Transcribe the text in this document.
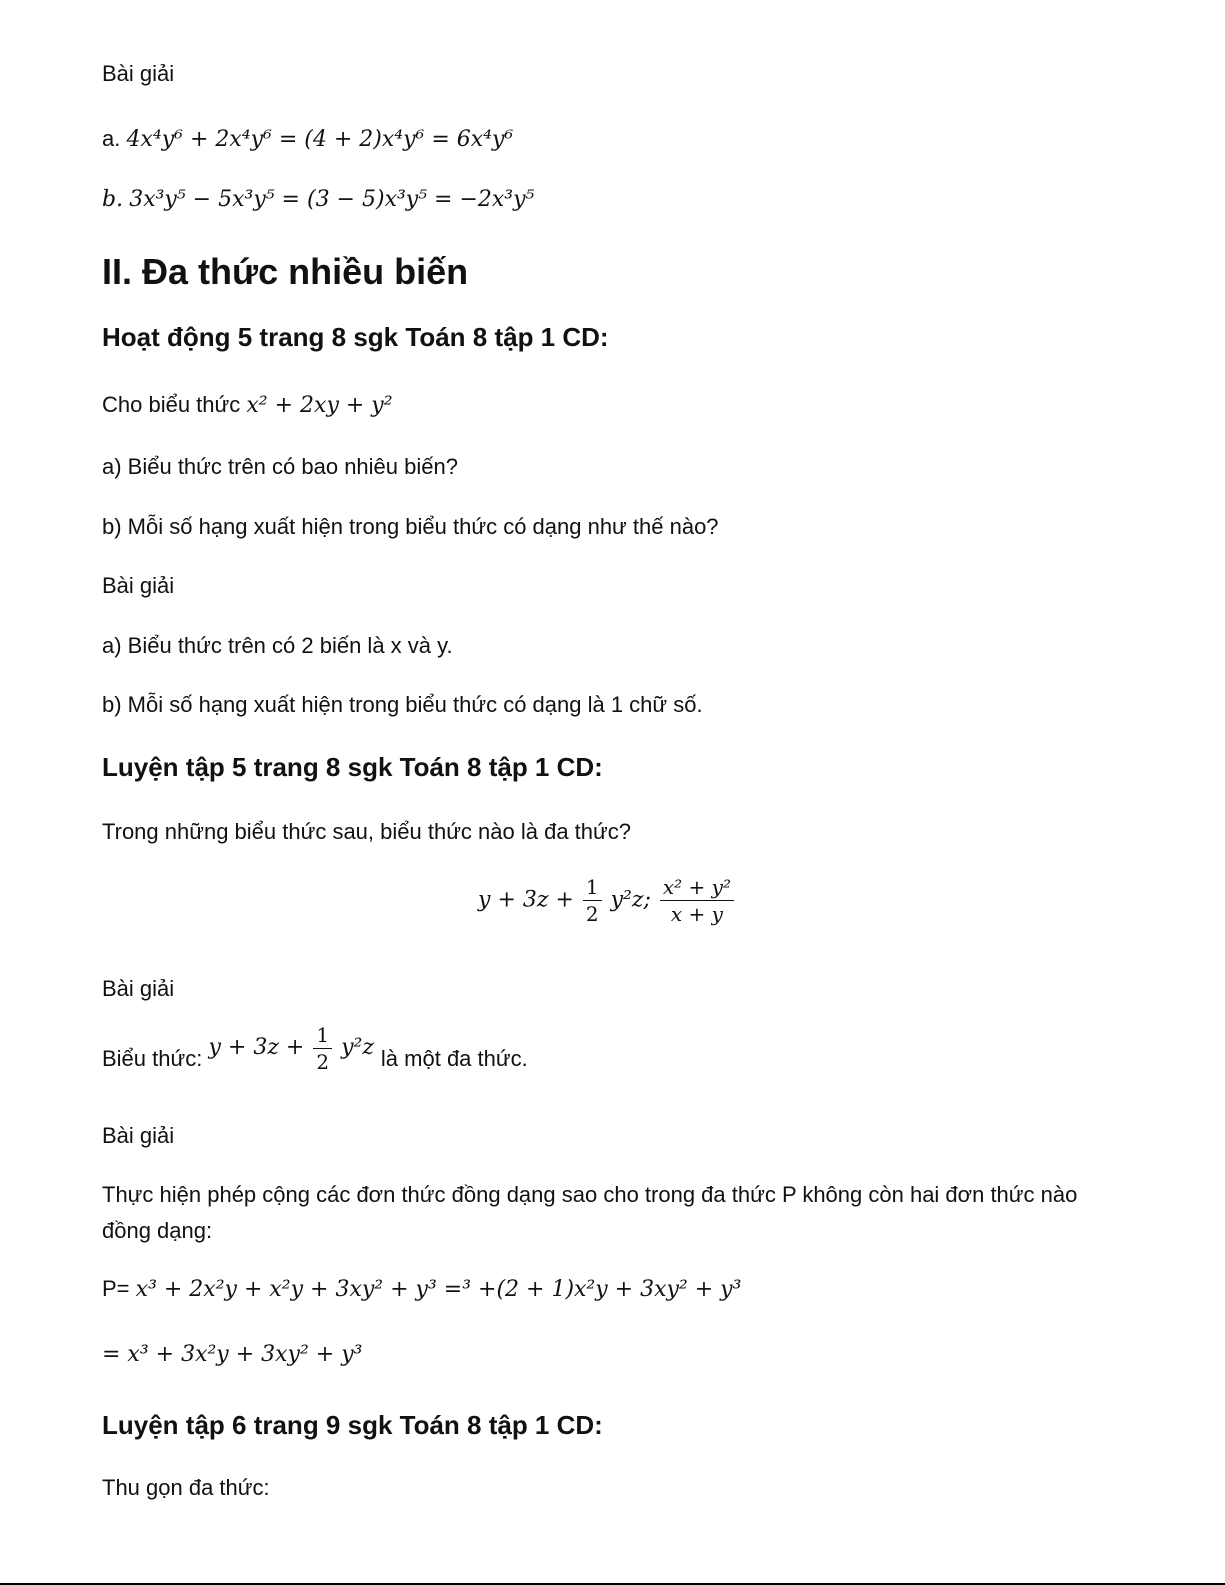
Bài giải
a. 4x⁴y⁶ + 2x⁴y⁶ = (4 + 2)x⁴y⁶ = 6x⁴y⁶
b. 3x³y⁵ − 5x³y⁵ = (3 − 5)x³y⁵ = −2x³y⁵
II. Đa thức nhiều biến
Hoạt động 5 trang 8 sgk Toán 8 tập 1 CD:
Cho biểu thức x² + 2xy + y²
a) Biểu thức trên có bao nhiêu biến?
b) Mỗi số hạng xuất hiện trong biểu thức có dạng như thế nào?
Bài giải
a) Biểu thức trên có 2 biến là x và y.
b) Mỗi số hạng xuất hiện trong biểu thức có dạng là 1 chữ số.
Luyện tập 5 trang 8 sgk Toán 8 tập 1 CD:
Trong những biểu thức sau, biểu thức nào là đa thức?
$y + 3z + \frac{1}{2} y^2z$; $\frac{\text{x² + y²}}{x + y}$
Bài giải
Biểu thức: $y + 3z + \frac{1}{2} y^2z$ là một đa thức.
Bài giải
Thực hiện phép cộng các đơn thức đồng dạng sao cho trong đa thức P không còn hai đơn thức nào đồng dạng:
P= x³ + 2x²y + x²y + 3xy² + y³ =³ +(2 + 1)x²y + 3xy² + y³
= x³ + 3x²y + 3xy² + y³
Luyện tập 6 trang 9 sgk Toán 8 tập 1 CD:
Thu gọn đa thức:
